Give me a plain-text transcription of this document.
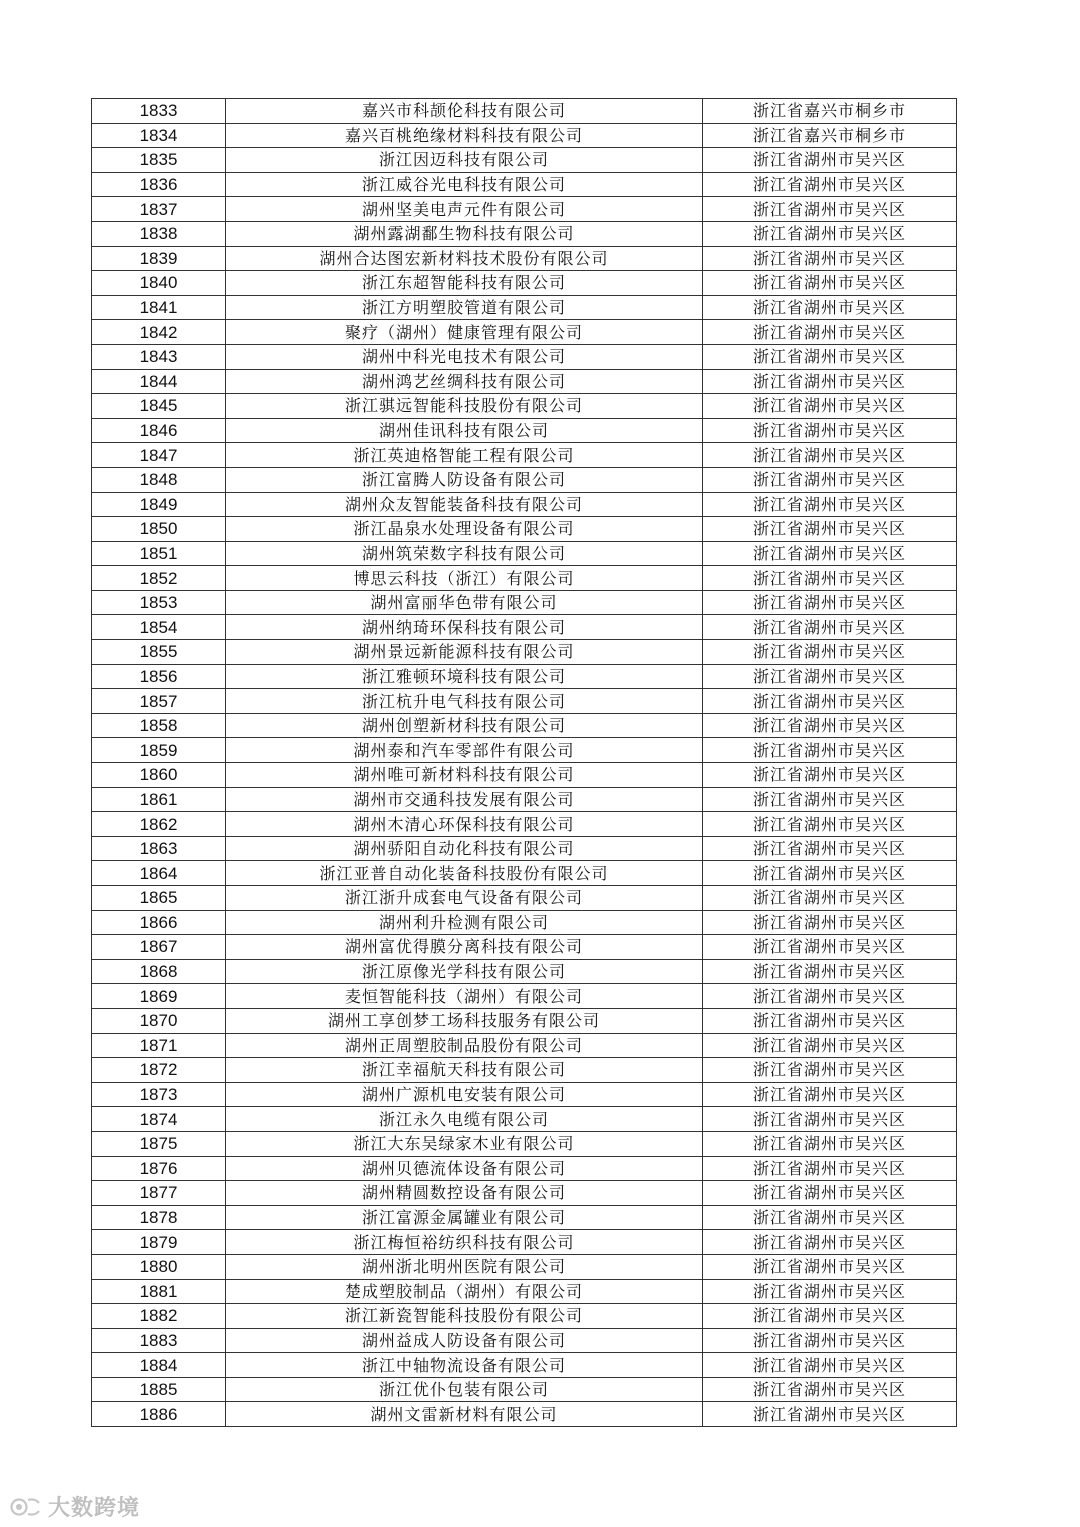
1833	嘉兴市科颉伦科技有限公司	浙江省嘉兴市桐乡市
1834	嘉兴百桃绝缘材料科技有限公司	浙江省嘉兴市桐乡市
1835	浙江因迈科技有限公司	浙江省湖州市吴兴区
1836	浙江威谷光电科技有限公司	浙江省湖州市吴兴区
1837	湖州坚美电声元件有限公司	浙江省湖州市吴兴区
1838	湖州露湖鄱生物科技有限公司	浙江省湖州市吴兴区
1839	湖州合达图宏新材料技术股份有限公司	浙江省湖州市吴兴区
1840	浙江东超智能科技有限公司	浙江省湖州市吴兴区
1841	浙江方明塑胶管道有限公司	浙江省湖州市吴兴区
1842	聚疗（湖州）健康管理有限公司	浙江省湖州市吴兴区
1843	湖州中科光电技术有限公司	浙江省湖州市吴兴区
1844	湖州鸿艺丝绸科技有限公司	浙江省湖州市吴兴区
1845	浙江骐远智能科技股份有限公司	浙江省湖州市吴兴区
1846	湖州佳讯科技有限公司	浙江省湖州市吴兴区
1847	浙江英迪格智能工程有限公司	浙江省湖州市吴兴区
1848	浙江富腾人防设备有限公司	浙江省湖州市吴兴区
1849	湖州众友智能装备科技有限公司	浙江省湖州市吴兴区
1850	浙江晶泉水处理设备有限公司	浙江省湖州市吴兴区
1851	湖州筑荣数字科技有限公司	浙江省湖州市吴兴区
1852	博思云科技（浙江）有限公司	浙江省湖州市吴兴区
1853	湖州富丽华色带有限公司	浙江省湖州市吴兴区
1854	湖州纳琦环保科技有限公司	浙江省湖州市吴兴区
1855	湖州景远新能源科技有限公司	浙江省湖州市吴兴区
1856	浙江雅顿环境科技有限公司	浙江省湖州市吴兴区
1857	浙江杭升电气科技有限公司	浙江省湖州市吴兴区
1858	湖州创塑新材科技有限公司	浙江省湖州市吴兴区
1859	湖州泰和汽车零部件有限公司	浙江省湖州市吴兴区
1860	湖州唯可新材料科技有限公司	浙江省湖州市吴兴区
1861	湖州市交通科技发展有限公司	浙江省湖州市吴兴区
1862	湖州木清心环保科技有限公司	浙江省湖州市吴兴区
1863	湖州骄阳自动化科技有限公司	浙江省湖州市吴兴区
1864	浙江亚普自动化装备科技股份有限公司	浙江省湖州市吴兴区
1865	浙江浙升成套电气设备有限公司	浙江省湖州市吴兴区
1866	湖州利升检测有限公司	浙江省湖州市吴兴区
1867	湖州富优得膜分离科技有限公司	浙江省湖州市吴兴区
1868	浙江原像光学科技有限公司	浙江省湖州市吴兴区
1869	麦恒智能科技（湖州）有限公司	浙江省湖州市吴兴区
1870	湖州工享创梦工场科技服务有限公司	浙江省湖州市吴兴区
1871	湖州正周塑胶制品股份有限公司	浙江省湖州市吴兴区
1872	浙江幸福航天科技有限公司	浙江省湖州市吴兴区
1873	湖州广源机电安装有限公司	浙江省湖州市吴兴区
1874	浙江永久电缆有限公司	浙江省湖州市吴兴区
1875	浙江大东吴绿家木业有限公司	浙江省湖州市吴兴区
1876	湖州贝德流体设备有限公司	浙江省湖州市吴兴区
1877	湖州精圆数控设备有限公司	浙江省湖州市吴兴区
1878	浙江富源金属罐业有限公司	浙江省湖州市吴兴区
1879	浙江梅恒裕纺织科技有限公司	浙江省湖州市吴兴区
1880	湖州浙北明州医院有限公司	浙江省湖州市吴兴区
1881	楚成塑胶制品（湖州）有限公司	浙江省湖州市吴兴区
1882	浙江新瓷智能科技股份有限公司	浙江省湖州市吴兴区
1883	湖州益成人防设备有限公司	浙江省湖州市吴兴区
1884	浙江中轴物流设备有限公司	浙江省湖州市吴兴区
1885	浙江优仆包装有限公司	浙江省湖州市吴兴区
1886	湖州文雷新材料有限公司	浙江省湖州市吴兴区
大数跨境
